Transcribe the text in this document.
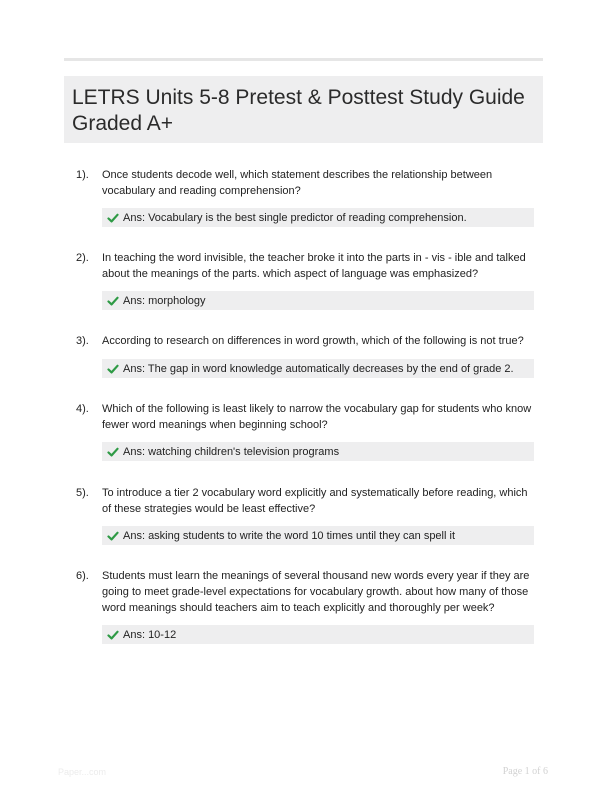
LETRS Units 5-8 Pretest & Posttest Study Guide Graded A+
1). Once students decode well, which statement describes the relationship between vocabulary and reading comprehension?
Ans: Vocabulary is the best single predictor of reading comprehension.
2). In teaching the word invisible, the teacher broke it into the parts in - vis - ible and talked about the meanings of the parts. which aspect of language was emphasized?
Ans: morphology
3). According to research on differences in word growth, which of the following is not true?
Ans: The gap in word knowledge automatically decreases by the end of grade 2.
4). Which of the following is least likely to narrow the vocabulary gap for students who know fewer word meanings when beginning school?
Ans: watching children's television programs
5). To introduce a tier 2 vocabulary word explicitly and systematically before reading, which of these strategies would be least effective?
Ans: asking students to write the word 10 times until they can spell it
6). Students must learn the meanings of several thousand new words every year if they are going to meet grade-level expectations for vocabulary growth. about how many of those word meanings should teachers aim to teach explicitly and thoroughly per week?
Ans: 10-12
Paper...com	Page 1 of 6
